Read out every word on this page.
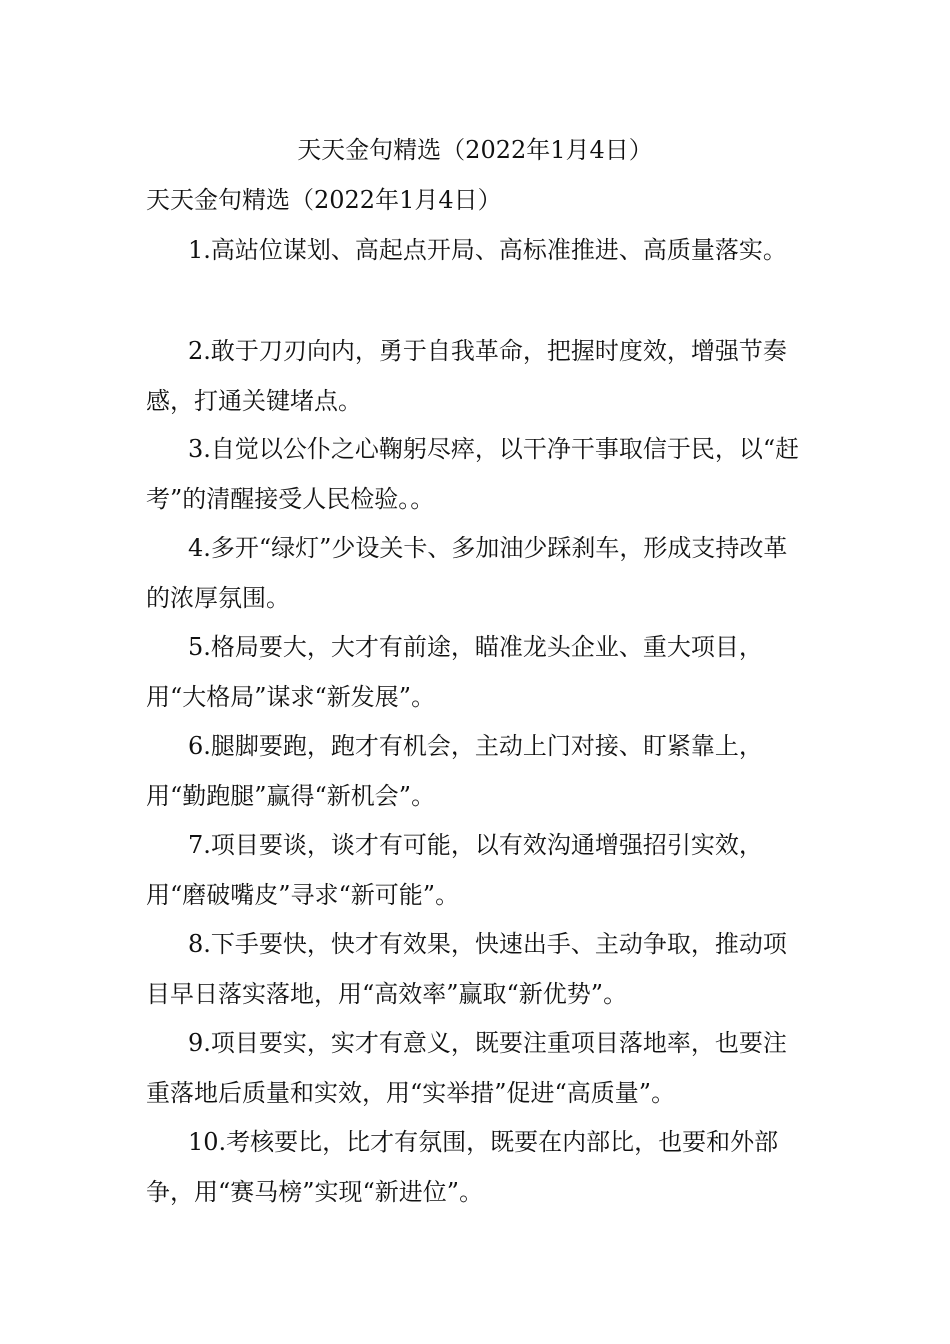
天天金句精选（2022年1月4日）
天天金句精选（2022年1月4日）

1.高站位谋划、高起点开局、高标准推进、高质量落实。

2.敢于刀刃向内，勇于自我革命，把握时度效，增强节奏感，打通关键堵点。

3.自觉以公仆之心鞠躬尽瘁，以干净干事取信于民，以“赶考”的清醒接受人民检验。。

4.多开“绿灯”少设关卡、多加油少踩刹车，形成支持改革的浓厚氛围。

5.格局要大，大才有前途，瞄准龙头企业、重大项目，用“大格局”谋求“新发展”。

6.腿脚要跑，跑才有机会，主动上门对接、盯紧靠上，用“勤跑腿”赢得“新机会”。

7.项目要谈，谈才有可能，以有效沟通增强招引实效，用“磨破嘴皮”寻求“新可能”。

8.下手要快，快才有效果，快速出手、主动争取，推动项目早日落实落地，用“高效率”赢取“新优势”。

9.项目要实，实才有意义，既要注重项目落地率，也要注重落地后质量和实效，用“实举措”促进“高质量”。

10.考核要比，比才有氛围，既要在内部比，也要和外部争，用“赛马榜”实现“新进位”。
